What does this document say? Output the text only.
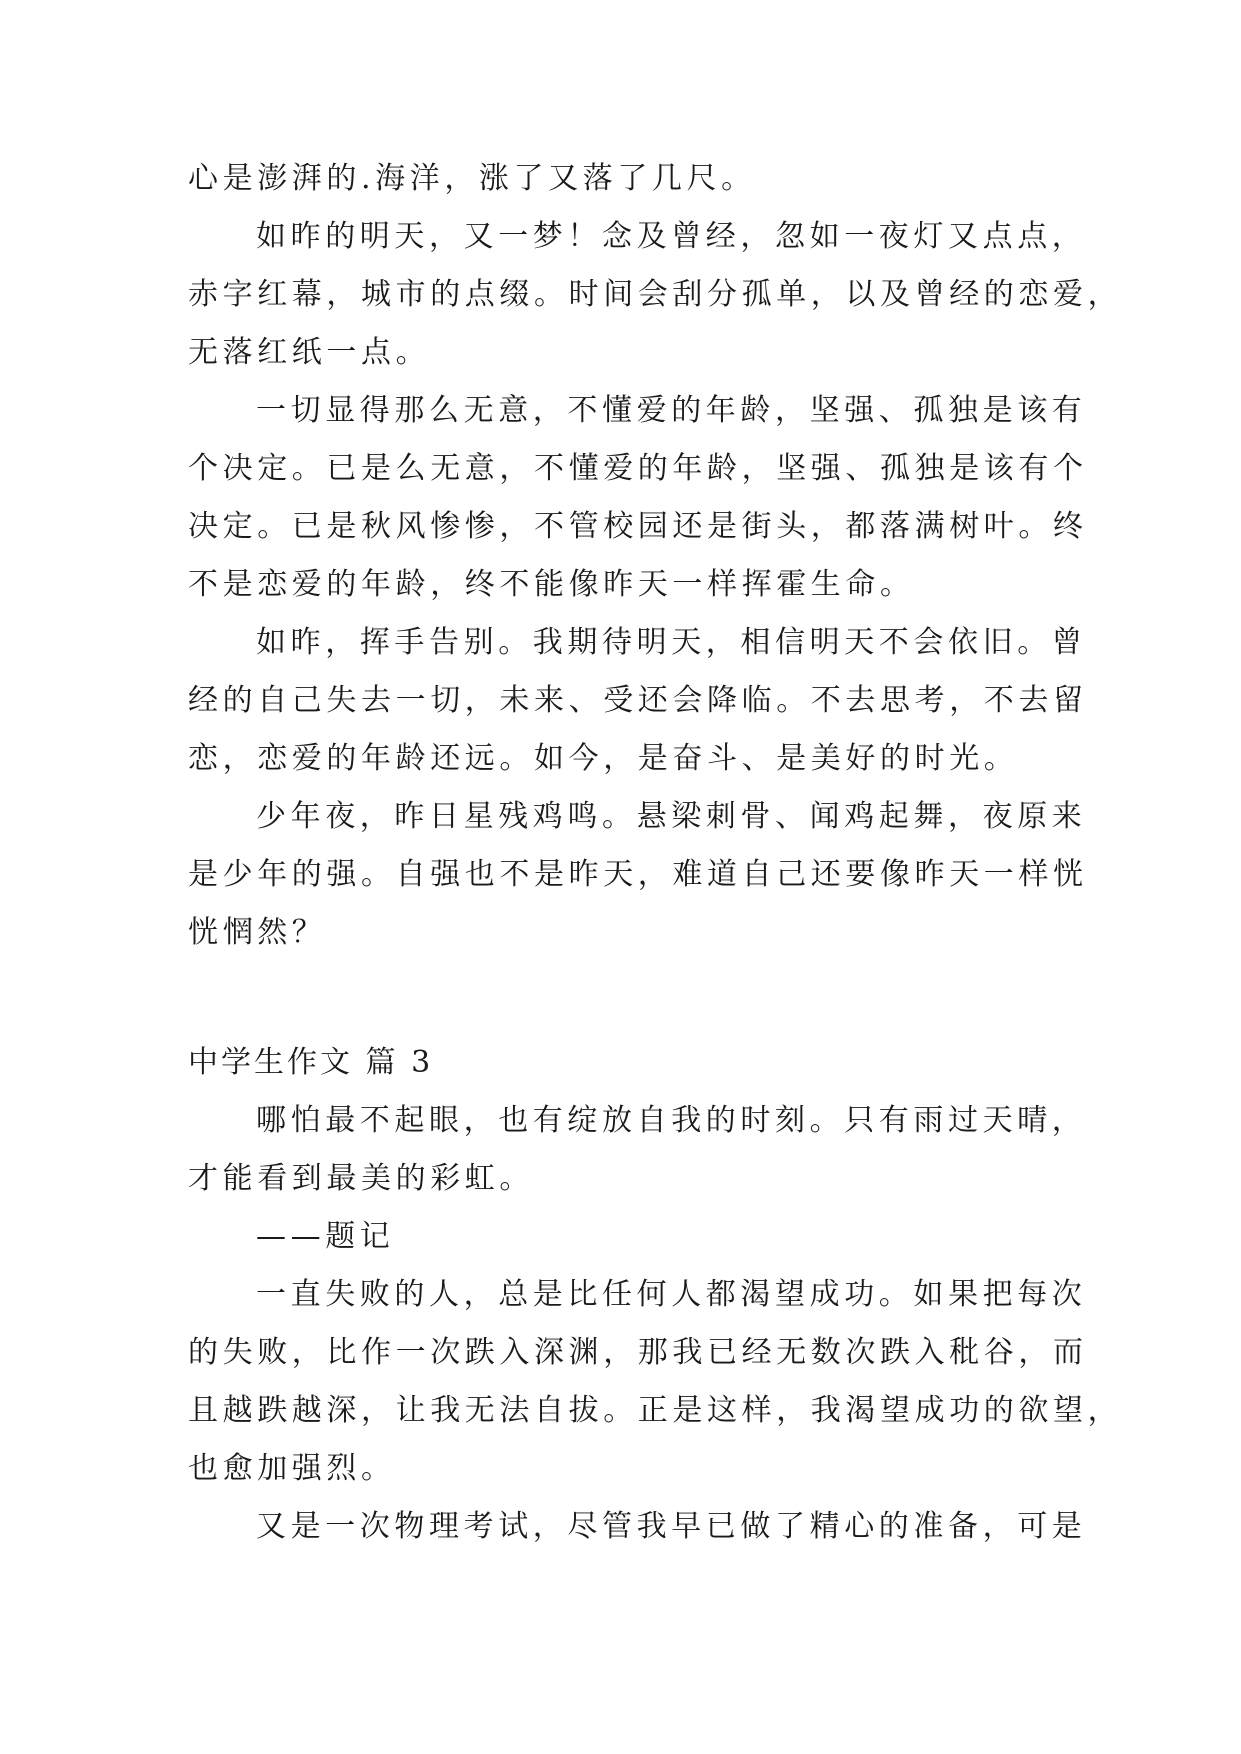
心是澎湃的.海洋，涨了又落了几尺。
如昨的明天，又一梦！念及曾经，忽如一夜灯又点点，
赤字红幕，城市的点缀。时间会刮分孤单，以及曾经的恋爱，
无落红纸一点。
一切显得那么无意，不懂爱的年龄，坚强、孤独是该有
个决定。已是么无意，不懂爱的年龄，坚强、孤独是该有个
决定。已是秋风惨惨，不管校园还是街头，都落满树叶。终
不是恋爱的年龄，终不能像昨天一样挥霍生命。
如昨，挥手告别。我期待明天，相信明天不会依旧。曾
经的自己失去一切，未来、受还会降临。不去思考，不去留
恋，恋爱的年龄还远。如今，是奋斗、是美好的时光。
少年夜，昨日星残鸡鸣。悬梁刺骨、闻鸡起舞，夜原来
是少年的强。自强也不是昨天，难道自己还要像昨天一样恍
恍惘然？
中学生作文 篇 3
哪怕最不起眼，也有绽放自我的时刻。只有雨过天晴，
才能看到最美的彩虹。
——题记
一直失败的人，总是比任何人都渴望成功。如果把每次
的失败，比作一次跌入深渊，那我已经无数次跌入秕谷，而
且越跌越深，让我无法自拔。正是这样，我渴望成功的欲望，
也愈加强烈。
又是一次物理考试，尽管我早已做了精心的准备，可是
